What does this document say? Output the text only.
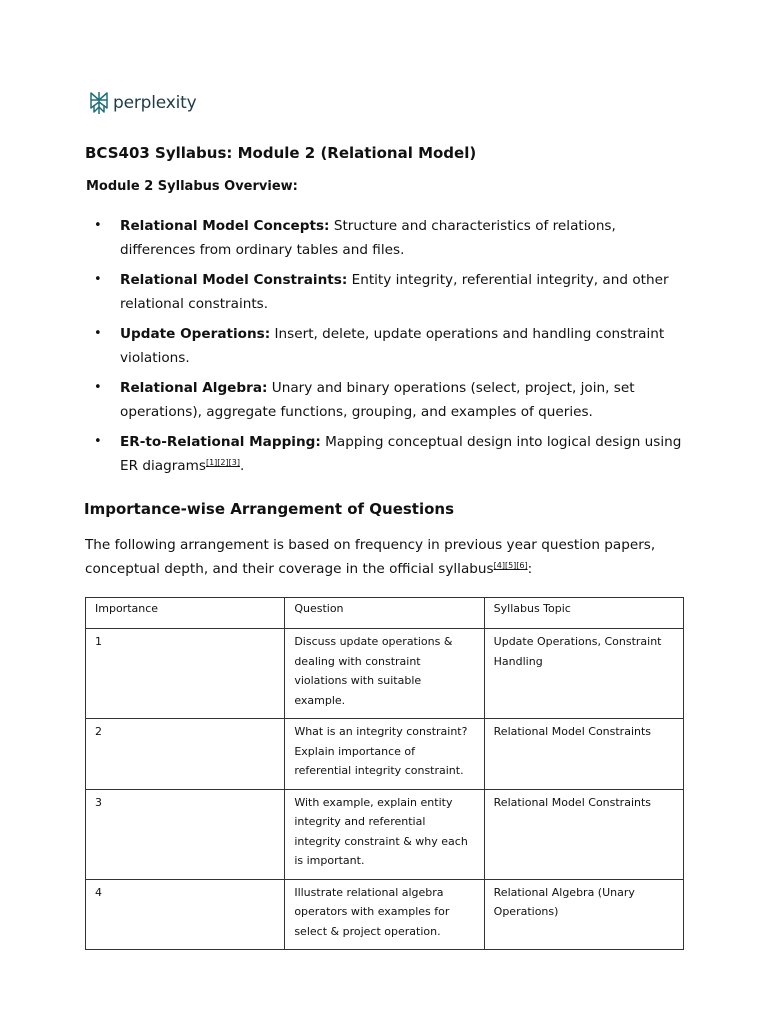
perplexity
BCS403 Syllabus: Module 2 (Relational Model)
Module 2 Syllabus Overview:
• Relational Model Concepts: Structure and characteristics of relations, differences from ordinary tables and files.
• Relational Model Constraints: Entity integrity, referential integrity, and other relational constraints.
• Update Operations: Insert, delete, update operations and handling constraint violations.
• Relational Algebra: Unary and binary operations (select, project, join, set operations), aggregate functions, grouping, and examples of queries.
• ER-to-Relational Mapping: Mapping conceptual design into logical design using ER diagrams[1][2][3].
Importance-wise Arrangement of Questions

The following arrangement is based on frequency in previous year question papers, conceptual depth, and their coverage in the official syllabus[4][5][6]:

Importance	Question	Syllabus Topic
1	Discuss update operations & dealing with constraint violations with suitable example.	Update Operations, Constraint Handling
2	What is an integrity constraint? Explain importance of referential integrity constraint.	Relational Model Constraints
3	With example, explain entity integrity and referential integrity constraint & why each is important.	Relational Model Constraints
4	Illustrate relational algebra operators with examples for select & project operation.	Relational Algebra (Unary Operations)
